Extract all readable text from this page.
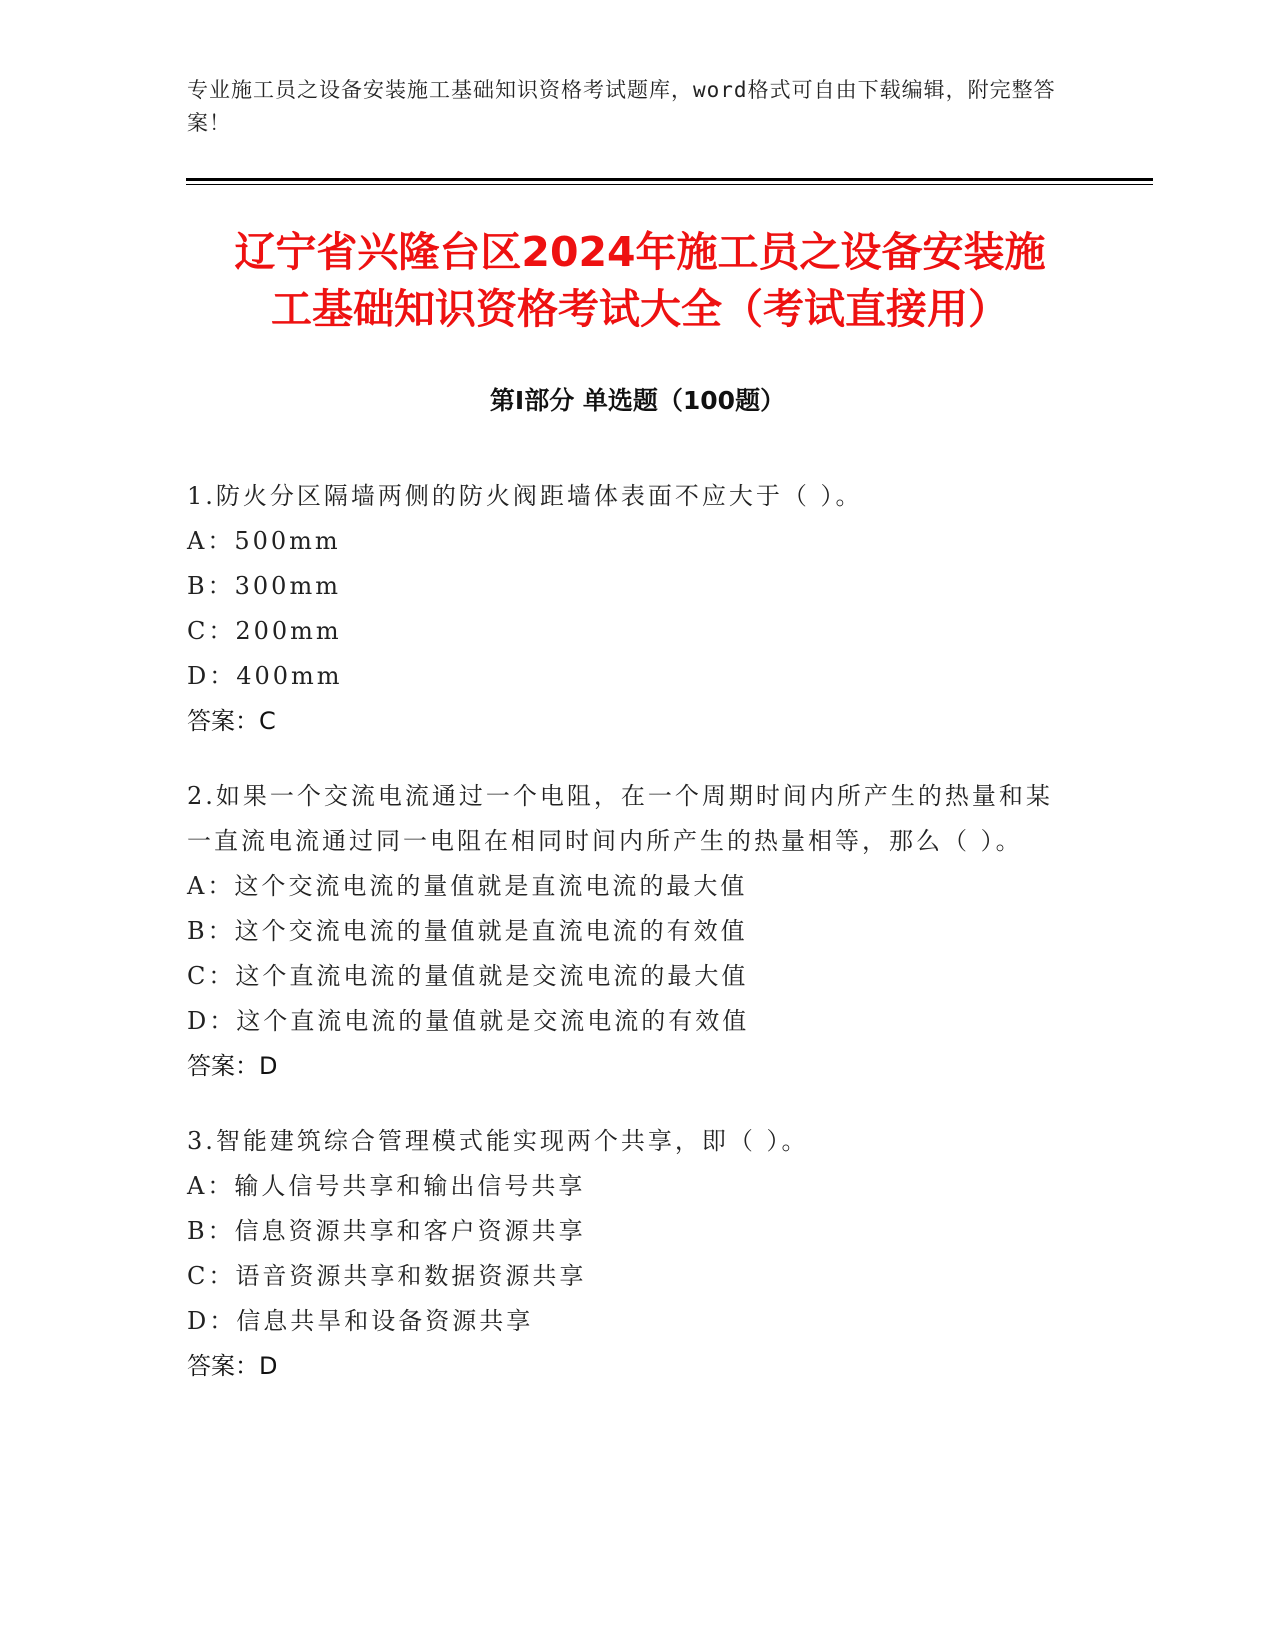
专业施工员之设备安装施工基础知识资格考试题库，word格式可自由下载编辑，附完整答案！
辽宁省兴隆台区2024年施工员之设备安装施
工基础知识资格考试大全（考试直接用）
第Ⅰ部分 单选题（100题）

1.防火分区隔墙两侧的防火阀距墙体表面不应大于（ ）。

A：500mm

B：300mm

C：200mm

D：400mm

答案：C

2.如果一个交流电流通过一个电阻，在一个周期时间内所产生的热量和某一直流电流通过同一电阻在相同时间内所产生的热量相等，那么（ ）。

A：这个交流电流的量值就是直流电流的最大值

B：这个交流电流的量值就是直流电流的有效值

C：这个直流电流的量值就是交流电流的最大值

D：这个直流电流的量值就是交流电流的有效值

答案：D

3.智能建筑综合管理模式能实现两个共享，即（ ）。

A：输人信号共享和输出信号共享

B：信息资源共享和客户资源共享

C：语音资源共享和数据资源共享

D：信息共旱和设备资源共享

答案：D
